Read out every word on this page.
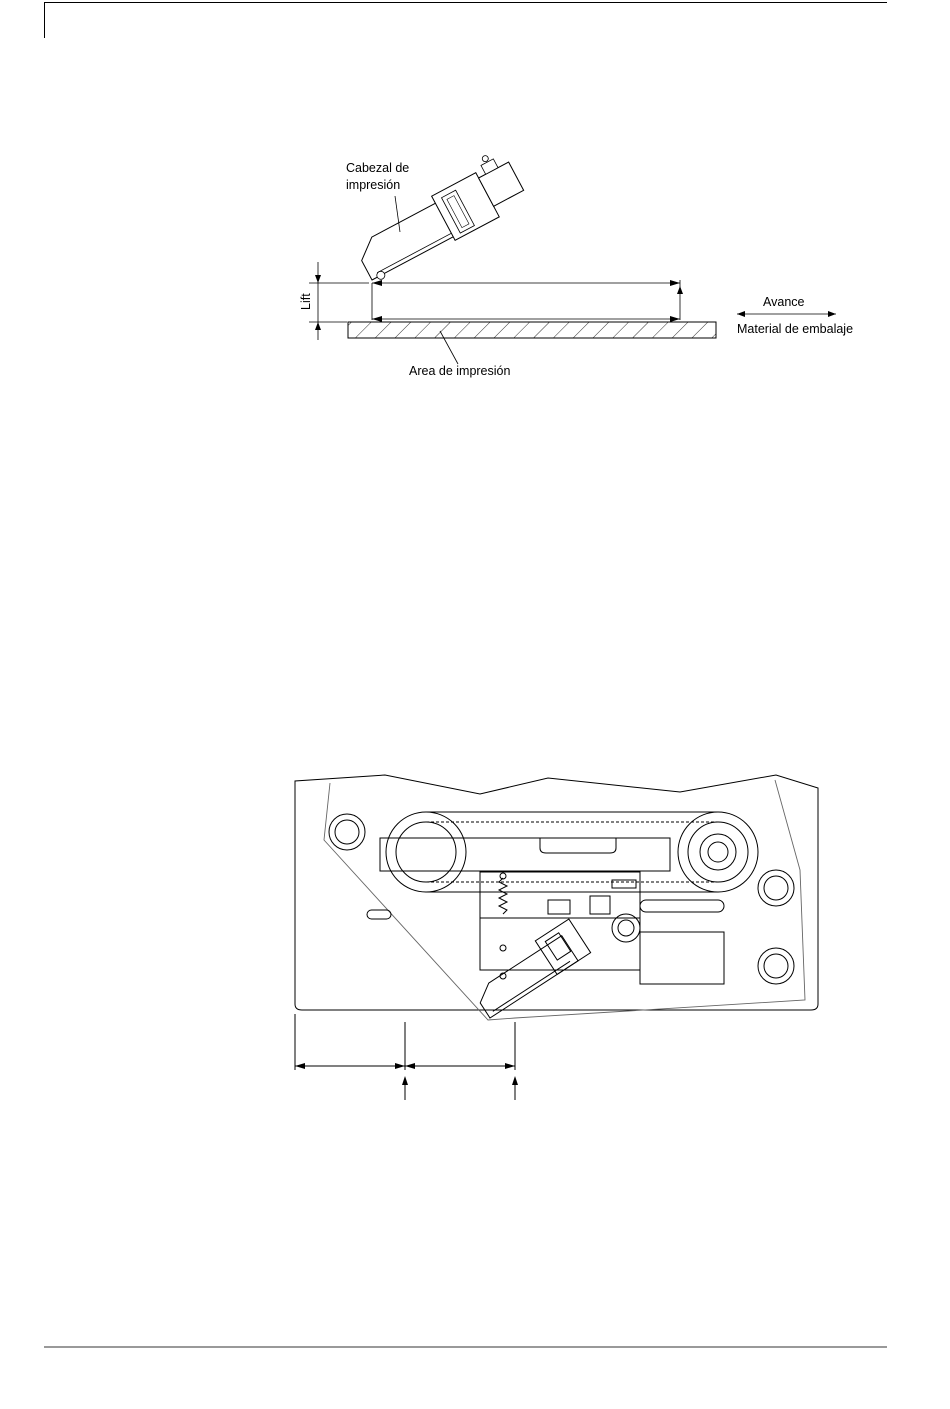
Cabezal de
impresión
Lift	Avance
Material de embalaje
Area de impresión
